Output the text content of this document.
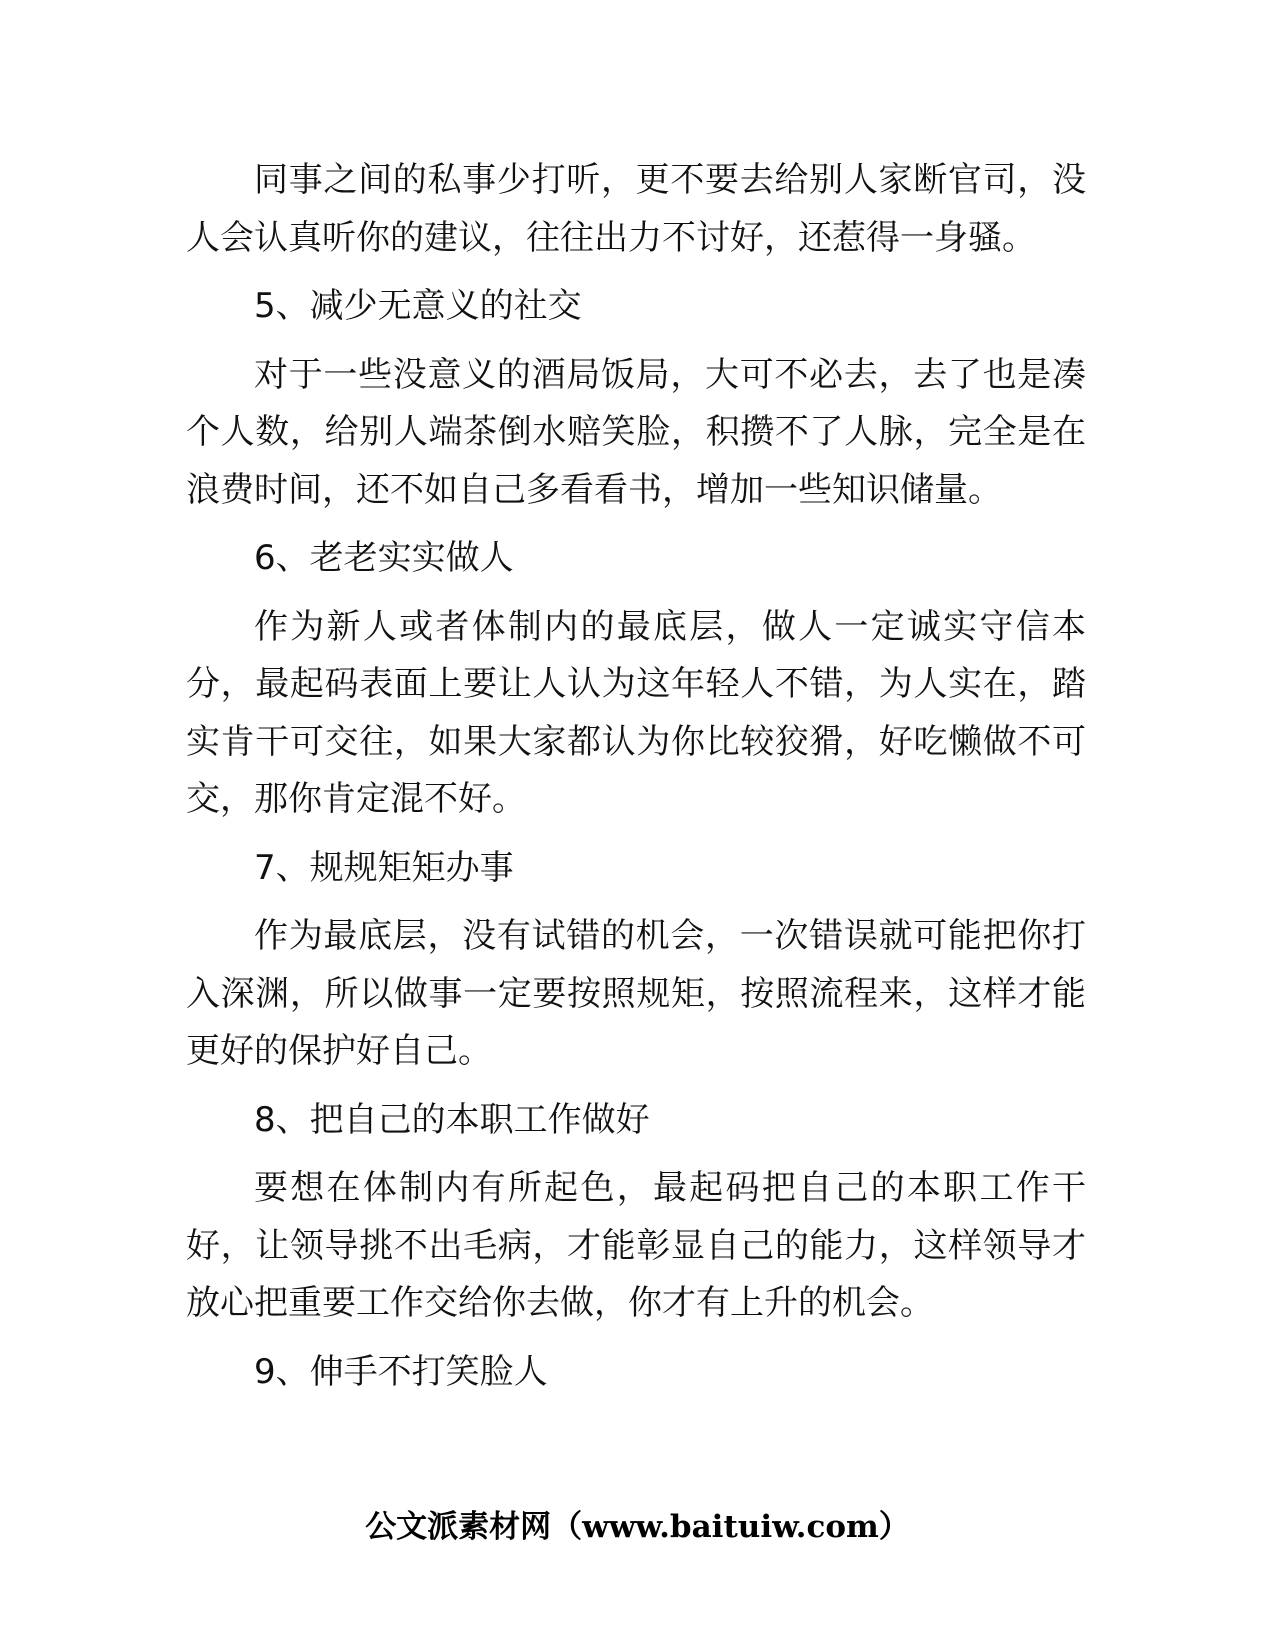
同事之间的私事少打听，更不要去给别人家断官司，没人会认真听你的建议，往往出力不讨好，还惹得一身骚。

5、减少无意义的社交

对于一些没意义的酒局饭局，大可不必去，去了也是凑个人数，给别人端茶倒水赔笑脸，积攒不了人脉，完全是在浪费时间，还不如自己多看看书，增加一些知识储量。

6、老老实实做人

作为新人或者体制内的最底层，做人一定诚实守信本分，最起码表面上要让人认为这年轻人不错，为人实在，踏实肯干可交往，如果大家都认为你比较狡猾，好吃懒做不可交，那你肯定混不好。

7、规规矩矩办事

作为最底层，没有试错的机会，一次错误就可能把你打入深渊，所以做事一定要按照规矩，按照流程来，这样才能更好的保护好自己。

8、把自己的本职工作做好

要想在体制内有所起色，最起码把自己的本职工作干好，让领导挑不出毛病，才能彰显自己的能力，这样领导才放心把重要工作交给你去做，你才有上升的机会。

9、伸手不打笑脸人

公文派素材网（www.baituiw.com）
